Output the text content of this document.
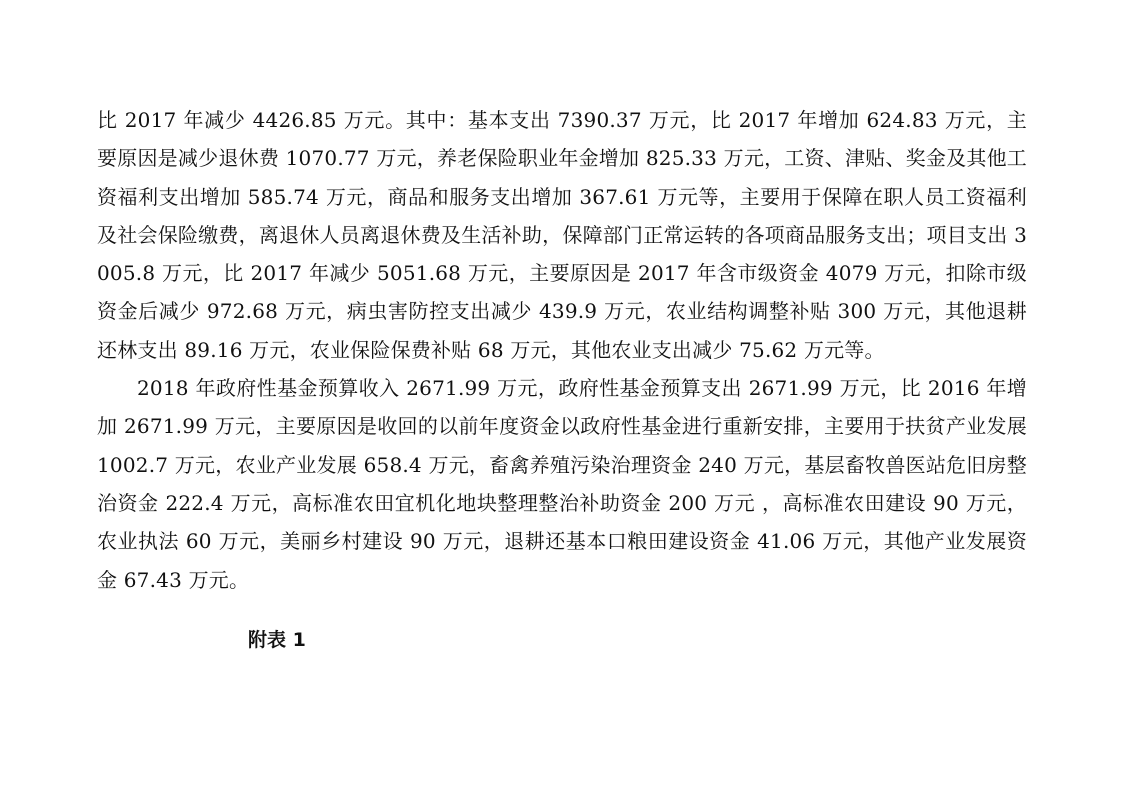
比 2017 年减少 4426.85 万元。其中：基本支出 7390.37 万元，比 2017 年增加 624.83 万元，主要原因是减少退休费 1070.77 万元，养老保险职业年金增加 825.33 万元，工资、津贴、奖金及其他工资福利支出增加 585.74 万元，商品和服务支出增加 367.61 万元等，主要用于保障在职人员工资福利及社会保险缴费，离退休人员离退休费及生活补助，保障部门正常运转的各项商品服务支出；项目支出 3005.8 万元，比 2017 年减少 5051.68 万元，主要原因是 2017 年含市级资金 4079 万元，扣除市级资金后减少 972.68 万元，病虫害防控支出减少 439.9 万元，农业结构调整补贴 300 万元，其他退耕还林支出 89.16 万元，农业保险保费补贴 68 万元，其他农业支出减少 75.62 万元等。

2018 年政府性基金预算收入 2671.99 万元，政府性基金预算支出 2671.99 万元，比 2016 年增加 2671.99 万元，主要原因是收回的以前年度资金以政府性基金进行重新安排，主要用于扶贫产业发展 1002.7 万元，农业产业发展 658.4 万元，畜禽养殖污染治理资金 240 万元，基层畜牧兽医站危旧房整治资金 222.4 万元，高标准农田宜机化地块整理整治补助资金 200 万元 ，高标准农田建设 90 万元，农业执法 60 万元，美丽乡村建设 90 万元，退耕还基本口粮田建设资金 41.06 万元，其他产业发展资金 67.43 万元。

附表 1
